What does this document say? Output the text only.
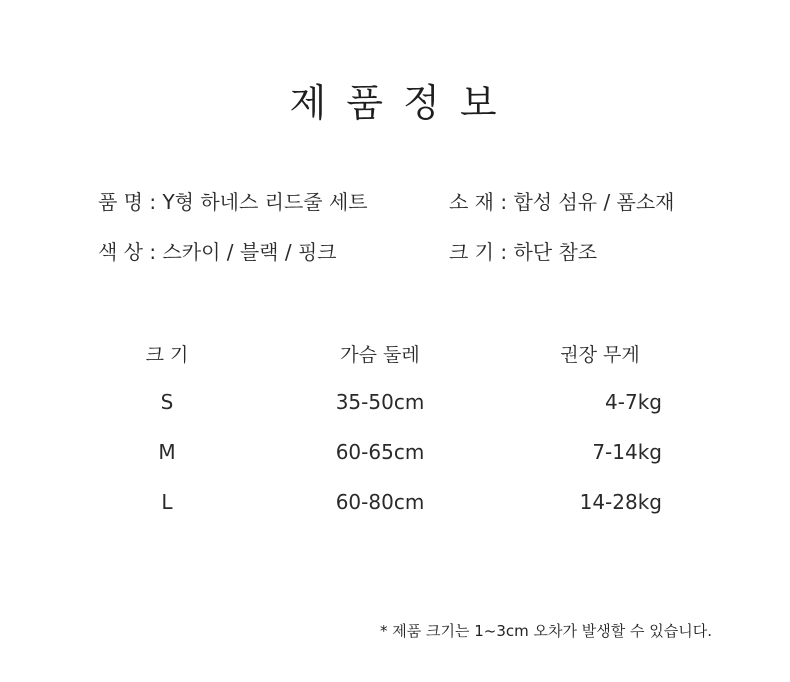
제 품 정 보
품 명 : Y형 하네스 리드줄 세트	소 재 : 합성 섬유 / 폼소재
색 상 : 스카이 / 블랙 / 핑크	크 기 : 하단 참조
크 기	가슴 둘레	권장 무게
S	35-50cm	4-7kg
M	60-65cm	7-14kg
L	60-80cm	14-28kg
* 제품 크기는 1~3cm 오차가 발생할 수 있습니다.
